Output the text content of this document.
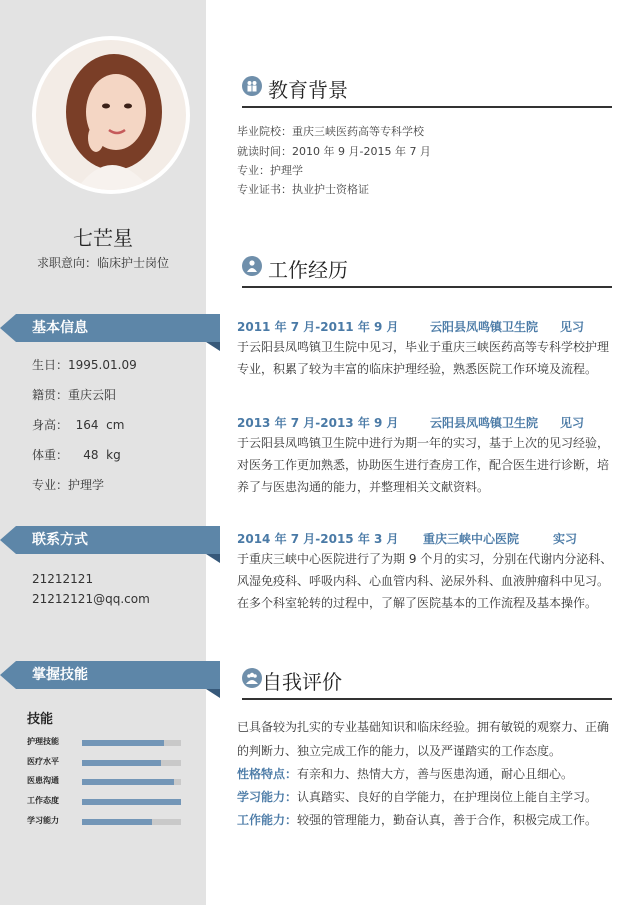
七芒星
求职意向：临床护士岗位
基本信息
生日：1995.01.09
籍贯：重庆云阳
身高：  164  cm
体重：    48  kg
专业：护理学
联系方式
21212121
21212121@qq.com
掌握技能
技能
护理技能
医疗水平
医患沟通
工作态度
学习能力
教育背景
毕业院校：重庆三峡医药高等专科学校
就读时间：2010 年 9 月-2015 年 7 月
专业：护理学
专业证书：执业护士资格证
工作经历
2011 年 7 月-2011 年 9 月	云阳县凤鸣镇卫生院 见习
于云阳县凤鸣镇卫生院中见习，毕业于重庆三峡医药高等专科学校护理
专业，积累了较为丰富的临床护理经验，熟悉医院工作环境及流程。
2013 年 7 月-2013 年 9 月	云阳县凤鸣镇卫生院 见习
于云阳县凤鸣镇卫生院中进行为期一年的实习，基于上次的见习经验，
对医务工作更加熟悉，协助医生进行查房工作，配合医生进行诊断，培
养了与医患沟通的能力，并整理相关文献资料。
2014 年 7 月-2015 年 3 月 重庆三峡中心医院	实习
于重庆三峡中心医院进行了为期 9 个月的实习，分别在代谢内分泌科、
风湿免疫科、呼吸内科、心血管内科、泌尿外科、血液肿瘤科中见习。
在多个科室轮转的过程中，了解了医院基本的工作流程及基本操作。
自我评价
已具备较为扎实的专业基础知识和临床经验。拥有敏锐的观察力、正确
的判断力、独立完成工作的能力，以及严谨踏实的工作态度。
性格特点：有亲和力、热情大方，善与医患沟通，耐心且细心。
学习能力：认真踏实、良好的自学能力，在护理岗位上能自主学习。
工作能力：较强的管理能力，勤奋认真，善于合作，积极完成工作。
